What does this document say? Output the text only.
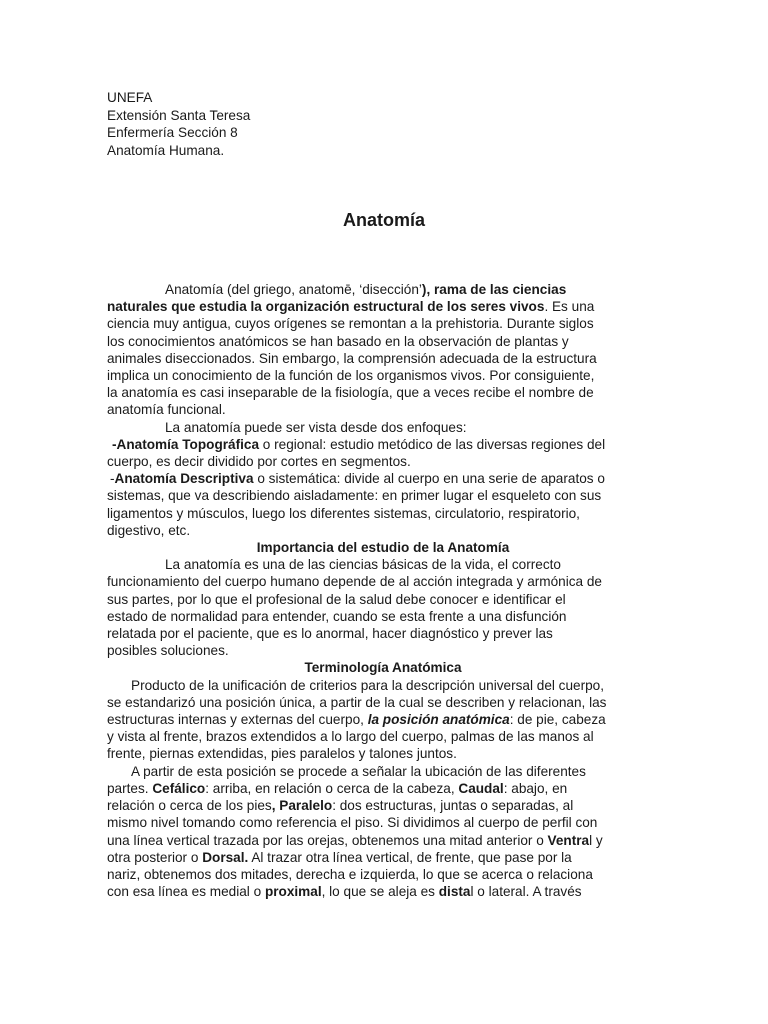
UNEFA
Extensión Santa Teresa
Enfermería Sección 8
Anatomía Humana.
Anatomía
Anatomía (del griego, anatomē, ‘disección’), rama de las ciencias
naturales que estudia la organización estructural de los seres vivos. Es una
ciencia muy antigua, cuyos orígenes se remontan a la prehistoria. Durante siglos
los conocimientos anatómicos se han basado en la observación de plantas y
animales diseccionados. Sin embargo, la comprensión adecuada de la estructura
implica un conocimiento de la función de los organismos vivos. Por consiguiente,
la anatomía es casi inseparable de la fisiología, que a veces recibe el nombre de
anatomía funcional.
La anatomía puede ser vista desde dos enfoques:
-Anatomía Topográfica o regional: estudio metódico de las diversas regiones del
cuerpo, es decir dividido por cortes en segmentos.
-Anatomía Descriptiva o sistemática: divide al cuerpo en una serie de aparatos o
sistemas, que va describiendo aisladamente: en primer lugar el esqueleto con sus
ligamentos y músculos, luego los diferentes sistemas, circulatorio, respiratorio,
digestivo, etc.
Importancia del estudio de la Anatomía
La anatomía es una de las ciencias básicas de la vida, el correcto
funcionamiento del cuerpo humano depende de al acción integrada y armónica de
sus partes, por lo que el profesional de la salud debe conocer e identificar el
estado de normalidad para entender, cuando se esta frente a una disfunción
relatada por el paciente, que es lo anormal, hacer diagnóstico y prever las
posibles soluciones.
Terminología Anatómica
Producto de la unificación de criterios para la descripción universal del cuerpo,
se estandarizó una posición única, a partir de la cual se describen y relacionan, las
estructuras internas y externas del cuerpo, la posición anatómica: de pie, cabeza
y vista al frente, brazos extendidos a lo largo del cuerpo, palmas de las manos al
frente, piernas extendidas, pies paralelos y talones juntos.
A partir de esta posición se procede a señalar la ubicación de las diferentes
partes. Cefálico: arriba, en relación o cerca de la cabeza, Caudal: abajo, en
relación o cerca de los pies, Paralelo: dos estructuras, juntas o separadas, al
mismo nivel tomando como referencia el piso. Si dividimos al cuerpo de perfil con
una línea vertical trazada por las orejas, obtenemos una mitad anterior o Ventral y
otra posterior o Dorsal. Al trazar otra línea vertical, de frente, que pase por la
nariz, obtenemos dos mitades, derecha e izquierda, lo que se acerca o relaciona
con esa línea es medial o proximal, lo que se aleja es distal o lateral. A través
